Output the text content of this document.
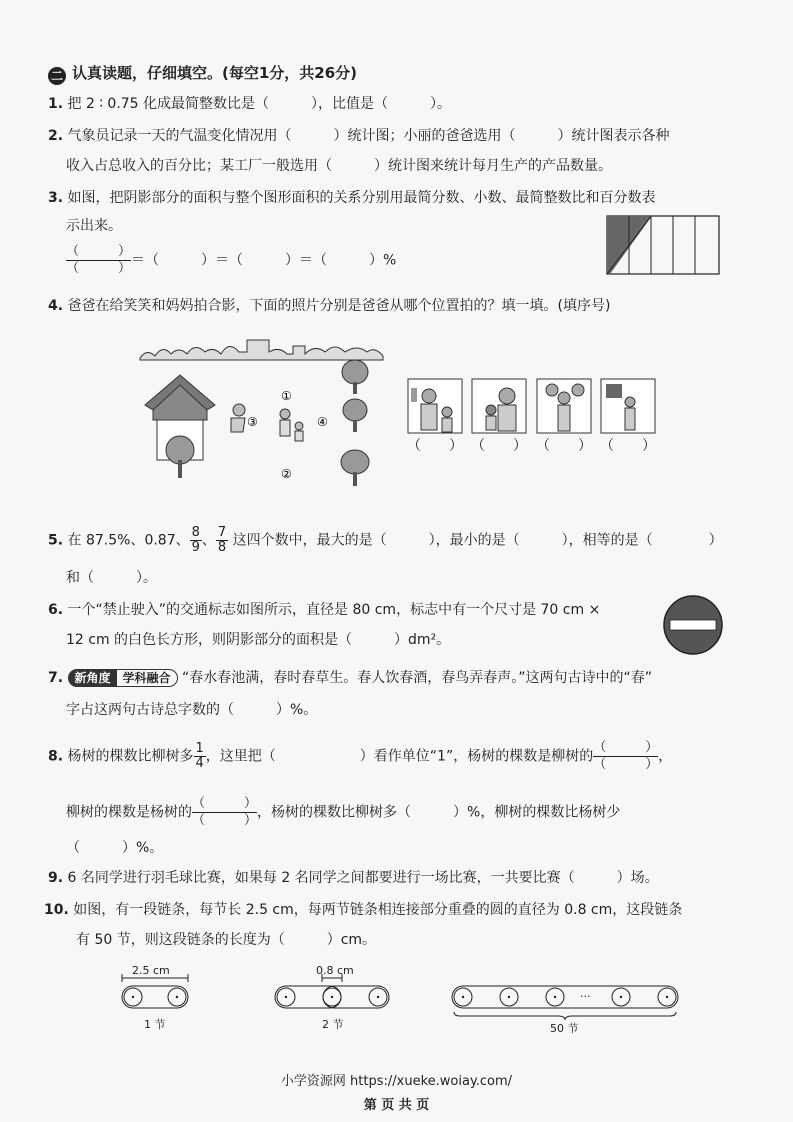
二 认真读题，仔细填空。(每空1分，共26分)
1. 把 2 ∶ 0.75 化成最简整数比是（　　　），比值是（　　　）。
2. 气象员记录一天的气温变化情况用（　　　）统计图；小丽的爸爸选用（　　　）统计图表示各种
收入占总收入的百分比；某工厂一般选用（　　　）统计图来统计每月生产的产品数量。
3. 如图，把阴影部分的面积与整个图形面积的关系分别用最简分数、小数、最简整数比和百分数表
示出来。
$\frac{( )}{( )}$ ＝（　　　）＝（　　　）＝（　　　）%
4. 爸爸在给笑笑和妈妈拍合影，下面的照片分别是爸爸从哪个位置拍的？填一填。(填序号)
③
①
②
④
（　　） （　　） （　　） （　　）
5. 在 87.5%、0.87、 $\frac{8}{9}$ 、 $\frac{7}{8}$ 这四个数中，最大的是（　　　），最小的是（　　　），相等的是（　　　　）
和（　　　）。
6. 一个“禁止驶入”的交通标志如图所示，直径是 80 cm，标志中有一个尺寸是 70 cm ×
12 cm 的白色长方形，则阴影部分的面积是（　　　）dm²。
7. 新角度 学科融合 “春水春池满，春时春草生。春人饮春酒，春鸟弄春声。”这两句古诗中的“春”
字占这两句古诗总字数的（　　　）%。
8. 杨树的棵数比柳树多 $\frac{1}{4}$ ，这里把（　　　　　　）看作单位“1”，杨树的棵数是柳树的 $\frac{( )}{( )}$ ，
柳树的棵数是杨树的 $\frac{( )}{( )}$ ，杨树的棵数比柳树多（　　　）%，柳树的棵数比杨树少
（　　　）%。
9. 6 名同学进行羽毛球比赛，如果每 2 名同学之间都要进行一场比赛，一共要比赛（　　　）场。
10. 如图，有一段链条，每节长 2.5 cm，每两节链条相连接部分重叠的圆的直径为 0.8 cm，这段链条
有 50 节，则这段链条的长度为（　　　）cm。
2.5 cm
1 节
0.8 cm
2 节
···
50 节
小学资源网 https://xueke.woiay.com/
第 页 共 页
